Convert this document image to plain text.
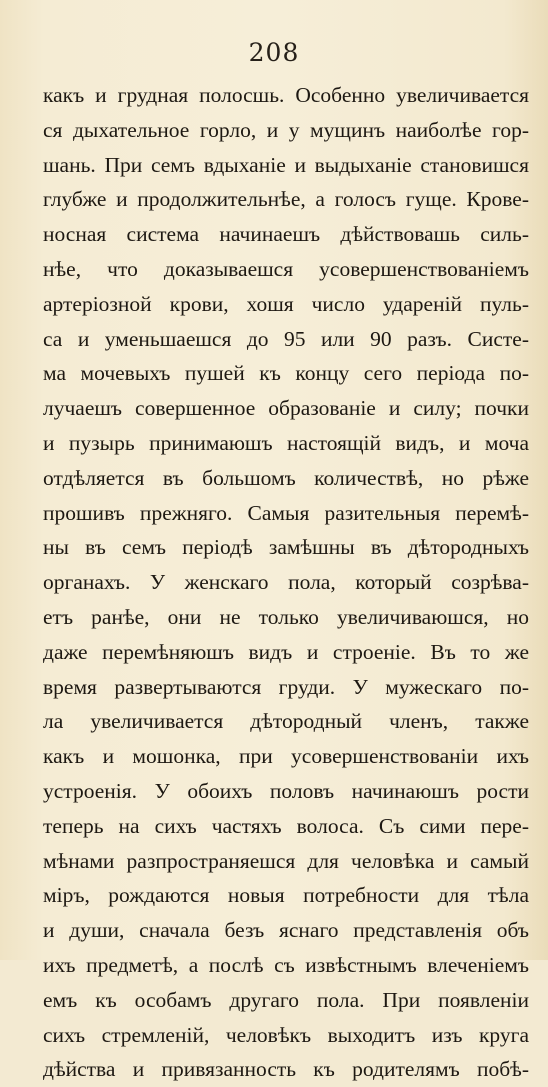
208
какъ и грудная полосшь. Особенно увеличивается
ся дыхательное горло, и у мущинъ наиболѣе гор-
шань. При семъ вдыханіе и выдыханіе становишся
глубже и продолжительнѣе, а голосъ гуще. Крове-
носная система начинаешъ дѣйствовашь силь-
нѣе, что доказываешся усовершенствованіемъ
артеріозной крови, хошя число удареній пуль-
са и уменьшаешся до 95 или 90 разъ. Систе-
ма мочевыхъ пушей къ концу сего періода по-
лучаешъ совершенное образованіе и силу; почки
и пузырь принимаюшъ настоящій видъ, и моча
отдѣляется въ большомъ количествѣ, но рѣже
прошивъ прежняго. Самыя разительныя перемѣ-
ны въ семъ періодѣ замѣшны въ дѣтородныхъ
органахъ. У женскаго пола, который созрѣва-
етъ ранѣе, они не только увеличиваюшся, но
даже перемѣняюшъ видъ и строеніе. Въ то же
время развертываются груди. У мужескаго по-
ла увеличивается дѣтородный членъ, также
какъ и мошонка, при усовершенствованіи ихъ
устроенія. У обоихъ половъ начинаюшъ рости
теперь на сихъ частяхъ волоса. Съ сими пере-
мѣнами разпространяешся для человѣка и самый
міръ, рождаются новыя потребности для тѣла
и души, сначала безъ яснаго представленія объ
ихъ предметѣ, а послѣ съ извѣстнымъ влеченіемъ
емъ къ особамъ другаго пола. При появленіи
сихъ стремленій, человѣкъ выходитъ изъ круга
дѣйства и привязанность къ родителямъ побѣ-
